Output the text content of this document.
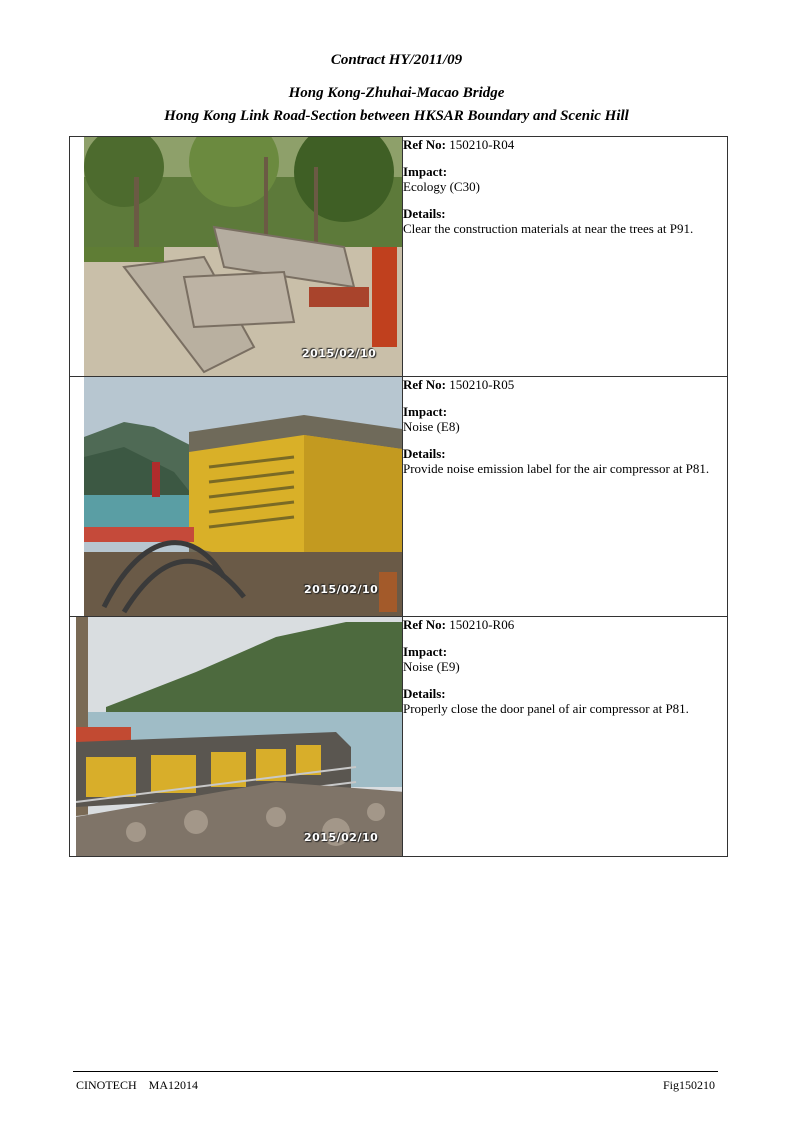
Contract HY/2011/09
Hong Kong-Zhuhai-Macao Bridge
Hong Kong Link Road-Section between HKSAR Boundary and Scenic Hill
2015/02/10	Ref No: 150210-R04
Impact:
Ecology (C30)
Details:
Clear the construction materials at near the trees at P91.

2015/02/10	Ref No: 150210-R05
Impact:
Noise (E8)
Details:
Provide noise emission label for the air compressor at P81.

2015/02/10	Ref No: 150210-R06
Impact:
Noise (E9)
Details:
Properly close the door panel of air compressor at P81.
CINOTECH    MA12014	Fig150210
